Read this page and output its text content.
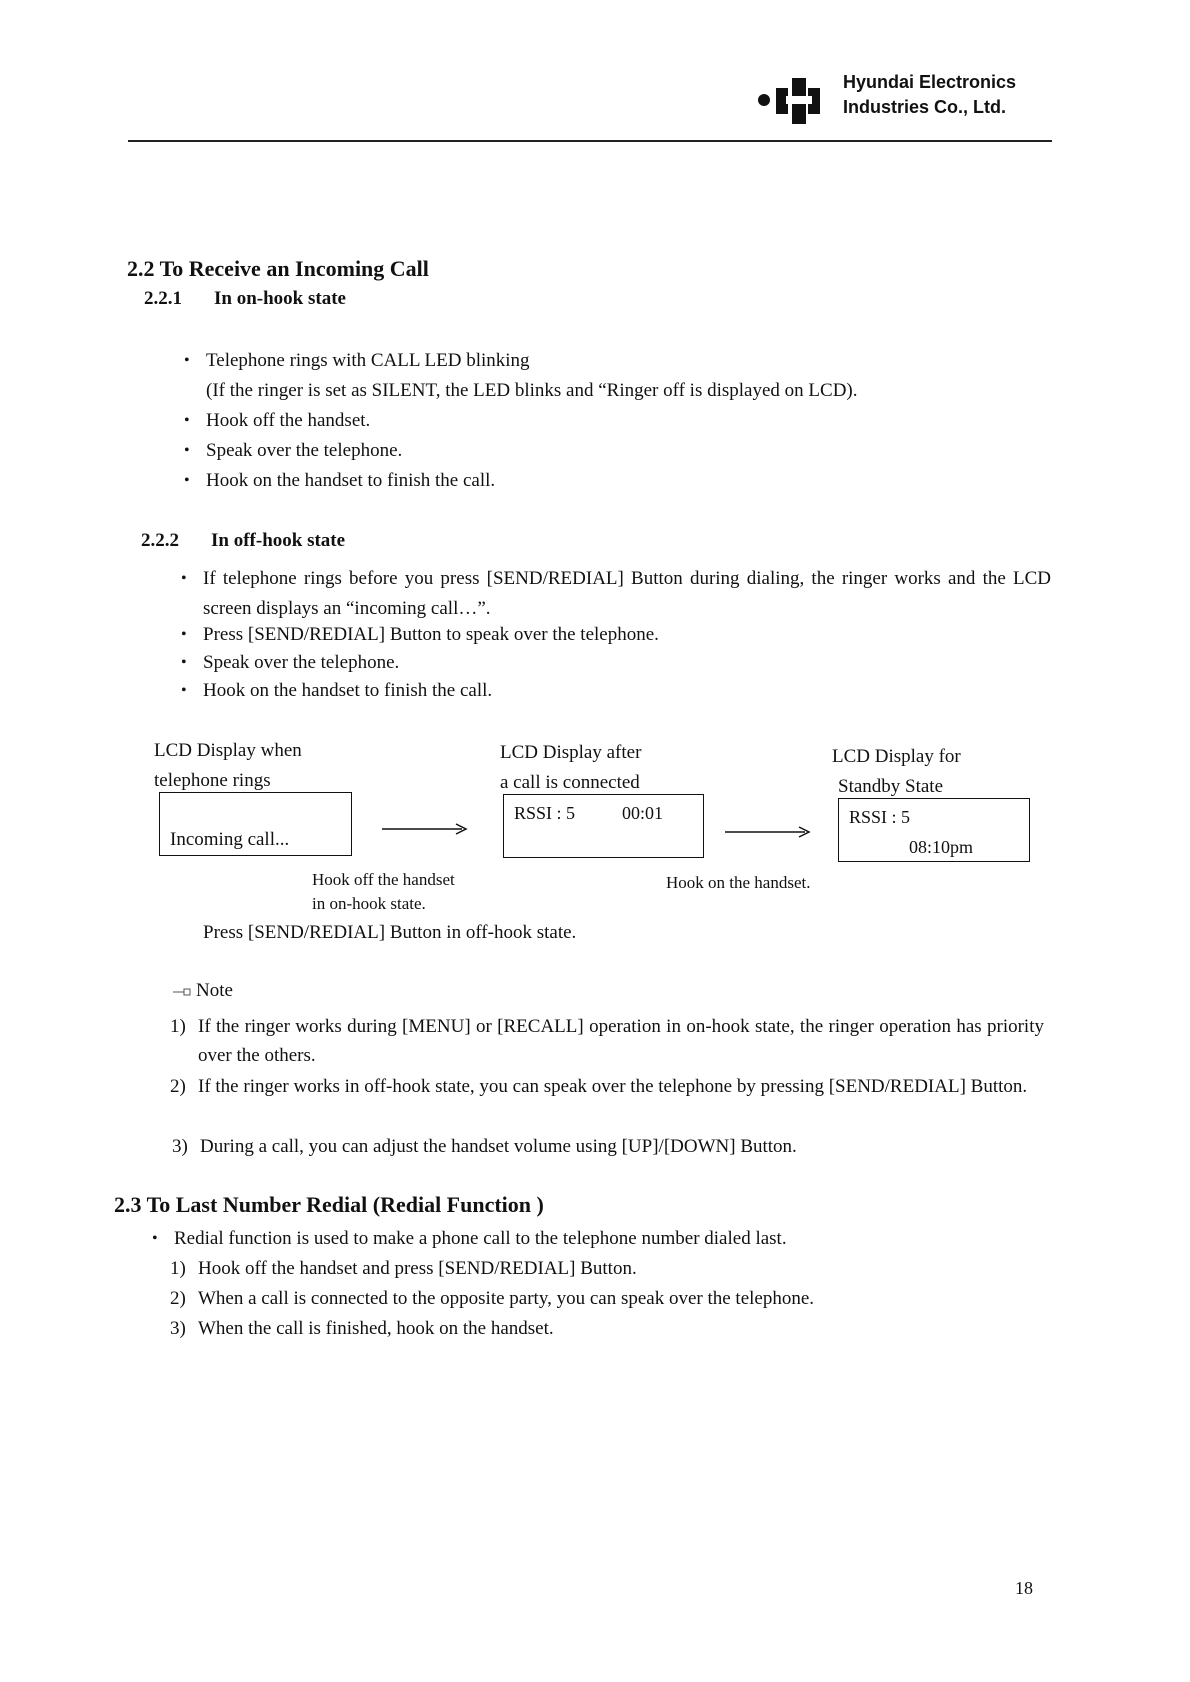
Hyundai Electronics
Industries Co., Ltd.
2.2 To Receive an Incoming Call
2.2.1 In on-hook state
• Telephone rings with CALL LED blinking
(If the ringer is set as SILENT, the LED blinks and “Ringer off is displayed on LCD).
• Hook off the handset.
• Speak over the telephone.
• Hook on the handset to finish the call.
2.2.2 In off-hook state
• If telephone rings before you press [SEND/REDIAL] Button during dialing, the ringer works and the LCD screen displays an “incoming call…”.
• Press [SEND/REDIAL] Button to speak over the telephone.
• Speak over the telephone.
• Hook on the handset to finish the call.
LCD Display when
telephone rings
Incoming call...
LCD Display after
a call is connected
RSSI : 5	00:01
LCD Display for
Standby State
RSSI : 5
08:10pm
Hook off the handset
in on-hook state.
Hook on the handset.
Press [SEND/REDIAL] Button in off-hook state.
Note
1) If the ringer works during [MENU] or [RECALL] operation in on-hook state, the ringer operation has priority over the others.
2) If the ringer works in off-hook state, you can speak over the telephone by pressing [SEND/REDIAL] Button.
3) During a call, you can adjust the handset volume using [UP]/[DOWN] Button.
2.3 To Last Number Redial (Redial Function )
• Redial function is used to make a phone call to the telephone number dialed last.
1) Hook off the handset and press [SEND/REDIAL] Button.
2) When a call is connected to the opposite party, you can speak over the telephone.
3) When the call is finished, hook on the handset.
18
